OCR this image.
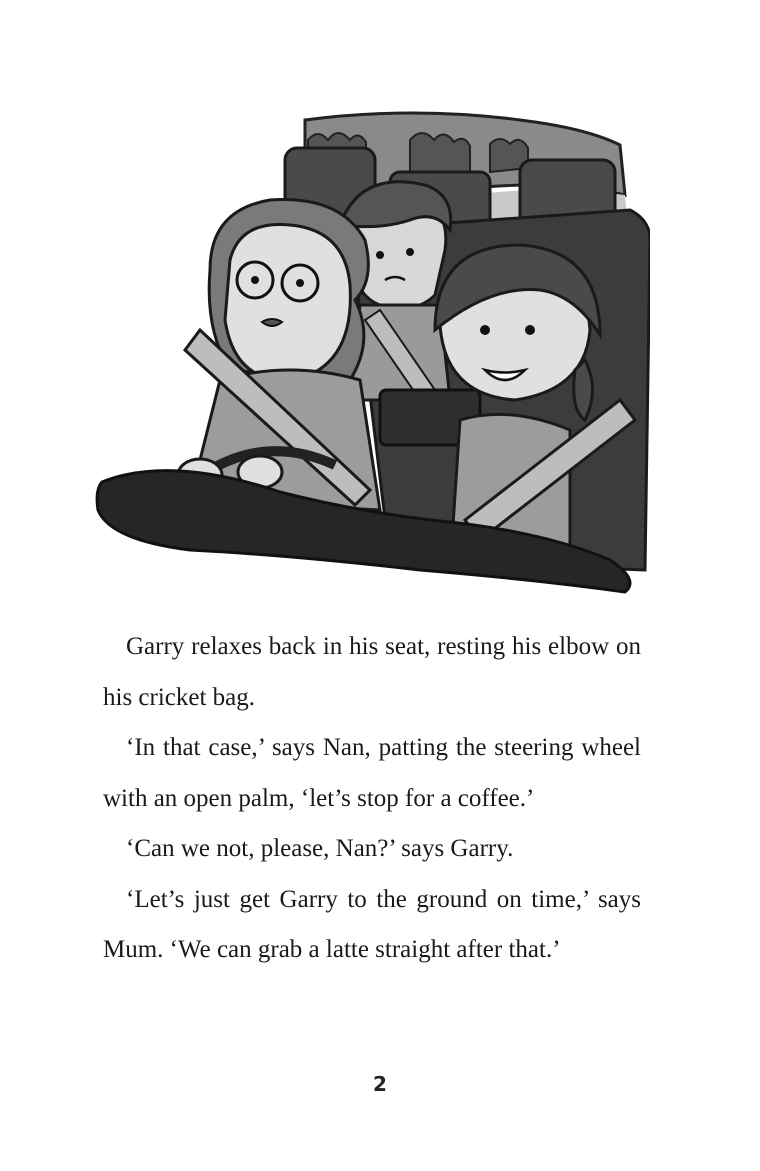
Garry relaxes back in his seat, resting his elbow on his cricket bag.

‘In that case,’ says Nan, patting the steering wheel with an open palm, ‘let’s stop for a coffee.’

‘Can we not, please, Nan?’ says Garry.

‘Let’s just get Garry to the ground on time,’ says Mum. ‘We can grab a latte straight after that.’

2
